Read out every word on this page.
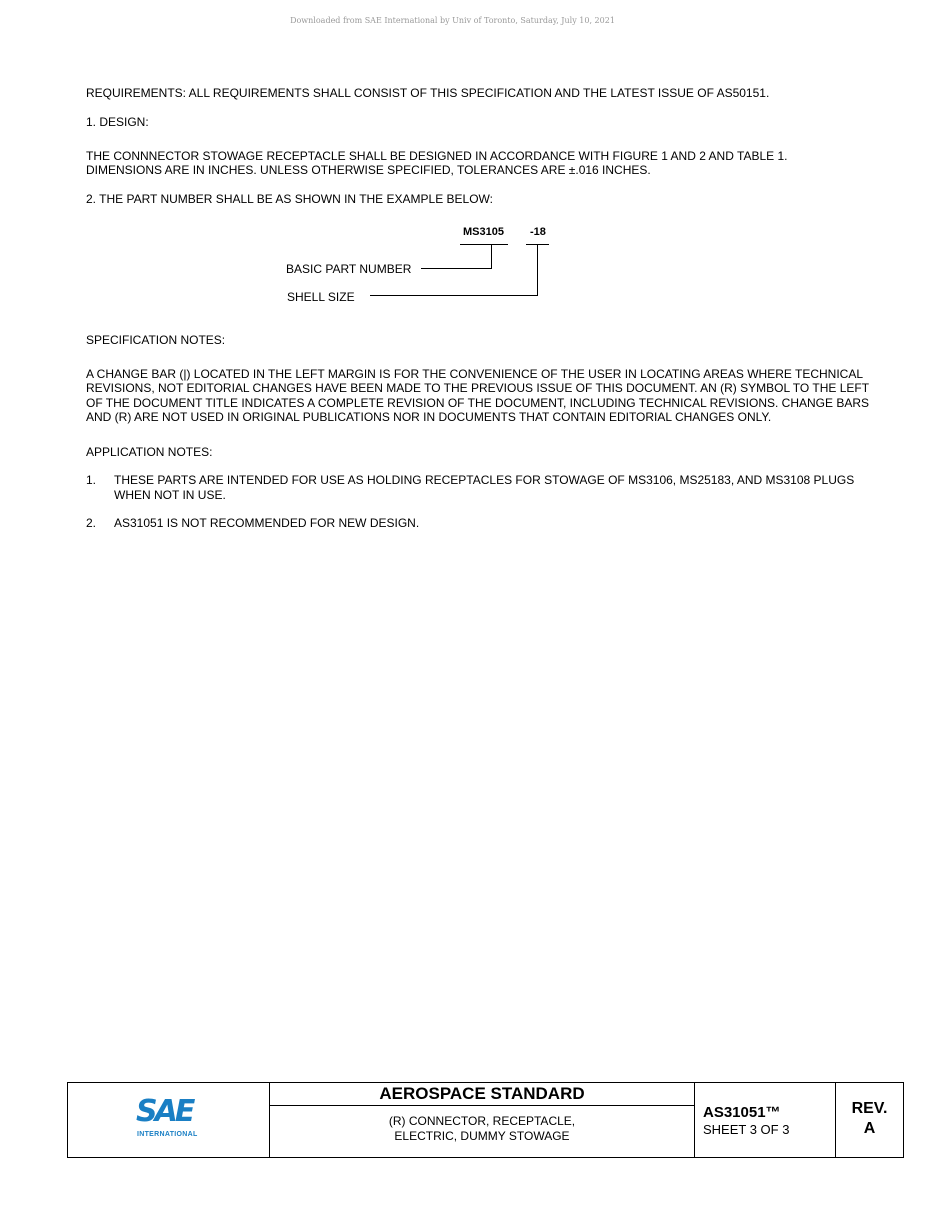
Downloaded from SAE International by Univ of Toronto, Saturday, July 10, 2021

REQUIREMENTS: ALL REQUIREMENTS SHALL CONSIST OF THIS SPECIFICATION AND THE LATEST ISSUE OF AS50151.

1. DESIGN:

THE CONNNECTOR STOWAGE RECEPTACLE SHALL BE DESIGNED IN ACCORDANCE WITH FIGURE 1 AND 2 AND TABLE 1.

DIMENSIONS ARE IN INCHES. UNLESS OTHERWISE SPECIFIED, TOLERANCES ARE ±.016 INCHES.

2. THE PART NUMBER SHALL BE AS SHOWN IN THE EXAMPLE BELOW:

MS3105 -18
BASIC PART NUMBER
SHELL SIZE

SPECIFICATION NOTES:

A CHANGE BAR (|) LOCATED IN THE LEFT MARGIN IS FOR THE CONVENIENCE OF THE USER IN LOCATING AREAS WHERE TECHNICAL

REVISIONS, NOT EDITORIAL CHANGES HAVE BEEN MADE TO THE PREVIOUS ISSUE OF THIS DOCUMENT. AN (R) SYMBOL TO THE LEFT

OF THE DOCUMENT TITLE INDICATES A COMPLETE REVISION OF THE DOCUMENT, INCLUDING TECHNICAL REVISIONS. CHANGE BARS

AND (R) ARE NOT USED IN ORIGINAL PUBLICATIONS NOR IN DOCUMENTS THAT CONTAIN EDITORIAL CHANGES ONLY.

APPLICATION NOTES:

1. THESE PARTS ARE INTENDED FOR USE AS HOLDING RECEPTACLES FOR STOWAGE OF MS3106, MS25183, AND MS3108 PLUGS
WHEN NOT IN USE.
2. AS31051 IS NOT RECOMMENDED FOR NEW DESIGN.
SAE
INTERNATIONAL
AEROSPACE STANDARD
(R) CONNECTOR, RECEPTACLE,
ELECTRIC, DUMMY STOWAGE
AS31051™
SHEET 3 OF 3
REV.
A
